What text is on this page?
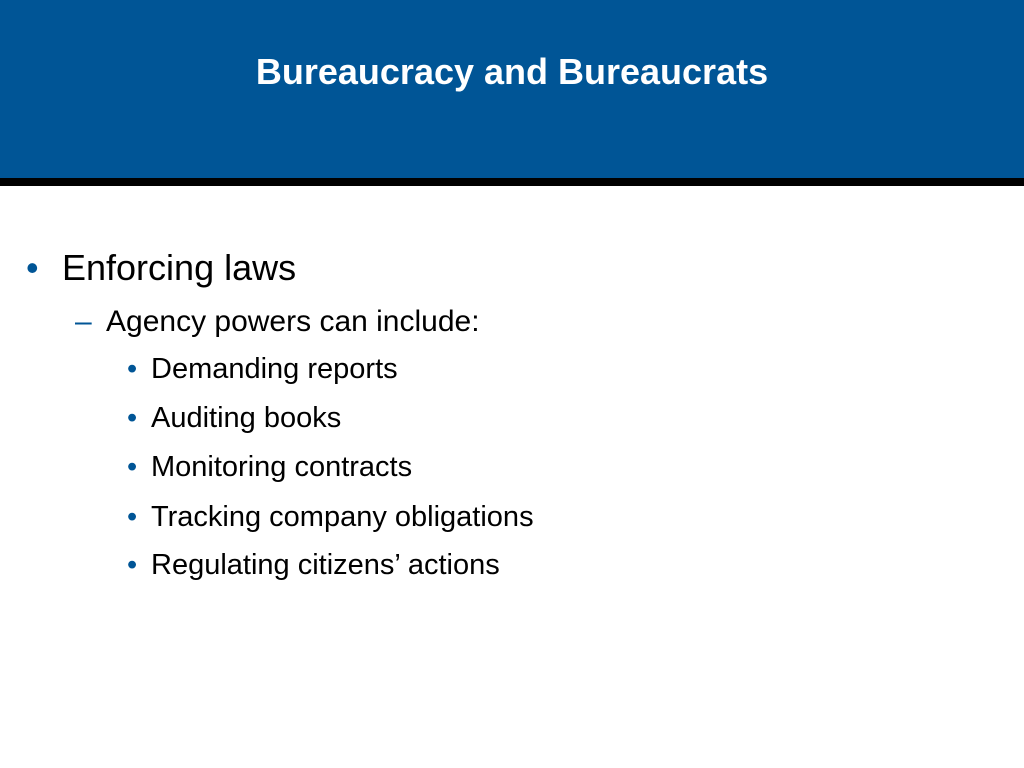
Bureaucracy and Bureaucrats
• Enforcing laws
– Agency powers can include:
• Demanding reports
• Auditing books
• Monitoring contracts
• Tracking company obligations
• Regulating citizens’ actions
